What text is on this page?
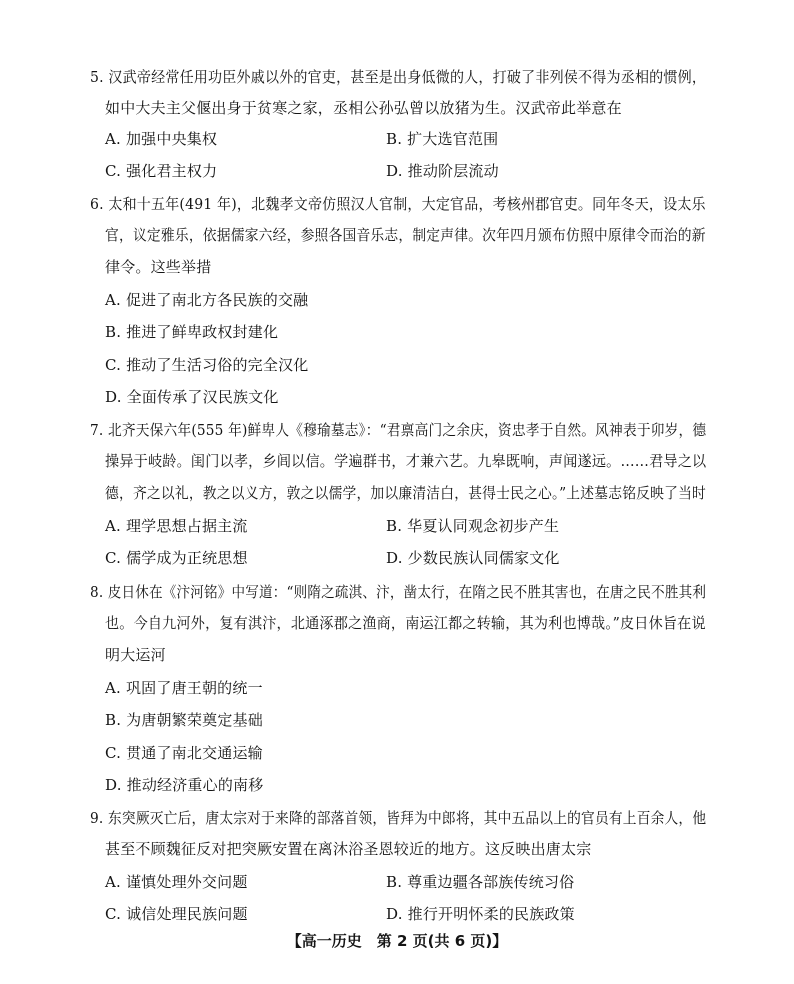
5. 汉武帝经常任用功臣外戚以外的官吏，甚至是出身低微的人，打破了非列侯不得为丞相的惯例，
如中大夫主父偃出身于贫寒之家，丞相公孙弘曾以放猪为生。汉武帝此举意在
A. 加强中央集权	B. 扩大选官范围
C. 强化君主权力	D. 推动阶层流动
6. 太和十五年(491 年)，北魏孝文帝仿照汉人官制，大定官品，考核州郡官吏。同年冬天，设太乐
官，议定雅乐，依据儒家六经，参照各国音乐志，制定声律。次年四月颁布仿照中原律令而治的新
律令。这些举措
A. 促进了南北方各民族的交融
B. 推进了鲜卑政权封建化
C. 推动了生活习俗的完全汉化
D. 全面传承了汉民族文化
7. 北齐天保六年(555 年)鲜卑人《穆瑜墓志》：“君禀高门之余庆，资忠孝于自然。风神表于卯岁，德
操异于岐龄。闺门以孝，乡闾以信。学遍群书，才兼六艺。九皋既响，声闻遂远。……君导之以
德，齐之以礼，教之以义方，敦之以儒学，加以廉清洁白，甚得士民之心。”上述墓志铭反映了当时
A. 理学思想占据主流	B. 华夏认同观念初步产生
C. 儒学成为正统思想	D. 少数民族认同儒家文化
8. 皮日休在《汴河铭》中写道：“则隋之疏淇、汴，凿太行，在隋之民不胜其害也，在唐之民不胜其利
也。今自九河外，复有淇汴，北通涿郡之渔商，南运江都之转输，其为利也博哉。”皮日休旨在说
明大运河
A. 巩固了唐王朝的统一
B. 为唐朝繁荣奠定基础
C. 贯通了南北交通运输
D. 推动经济重心的南移
9. 东突厥灭亡后，唐太宗对于来降的部落首领，皆拜为中郎将，其中五品以上的官员有上百余人，他
甚至不顾魏征反对把突厥安置在离沐浴圣恩较近的地方。这反映出唐太宗
A. 谨慎处理外交问题	B. 尊重边疆各部族传统习俗
C. 诚信处理民族问题	D. 推行开明怀柔的民族政策
【高一历史　第 2 页(共 6 页)】
